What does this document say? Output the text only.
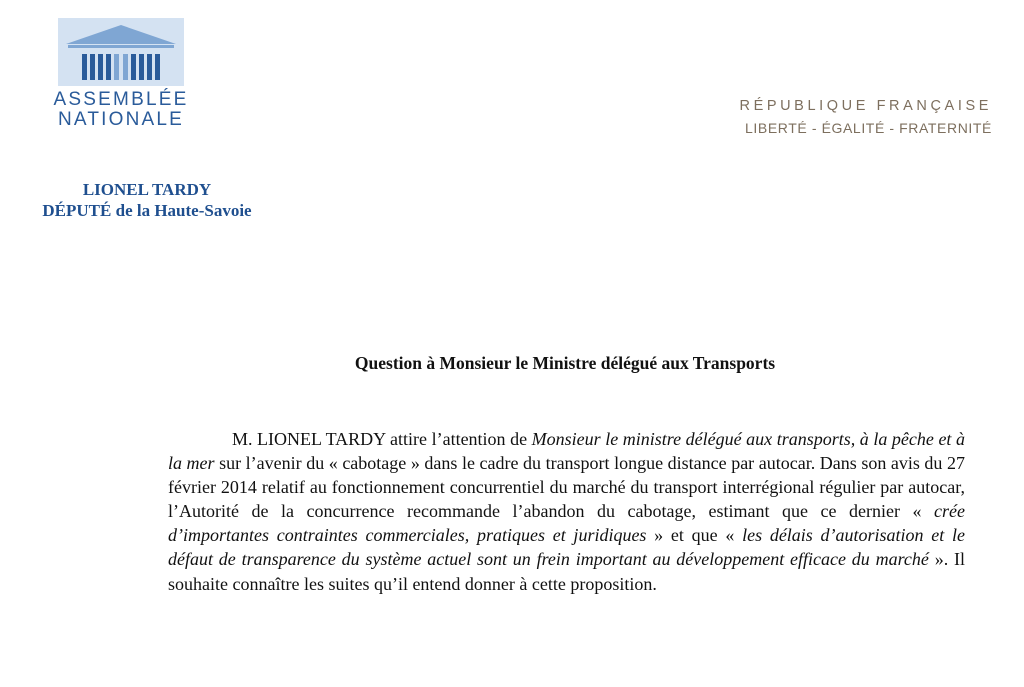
ASSEMBLÉE
NATIONALE
RÉPUBLIQUE FRANÇAISE
LIBERTÉ - ÉGALITÉ - FRATERNITÉ
LIONEL TARDY
DÉPUTÉ de la Haute-Savoie
Question à Monsieur le Ministre délégué aux Transports

M. LIONEL TARDY attire l’attention de Monsieur le ministre délégué aux transports, à la pêche et à la mer sur l’avenir du « cabotage » dans le cadre du transport longue distance par autocar. Dans son avis du 27 février 2014 relatif au fonctionnement concurrentiel du marché du transport interrégional régulier par autocar, l’Autorité de la concurrence recommande l’abandon du cabotage, estimant que ce dernier « crée d’importantes contraintes commerciales, pratiques et juridiques » et que « les délais d’autorisation et le défaut de transparence du système actuel sont un frein important au développement efficace du marché ». Il souhaite connaître les suites qu’il entend donner à cette proposition.
